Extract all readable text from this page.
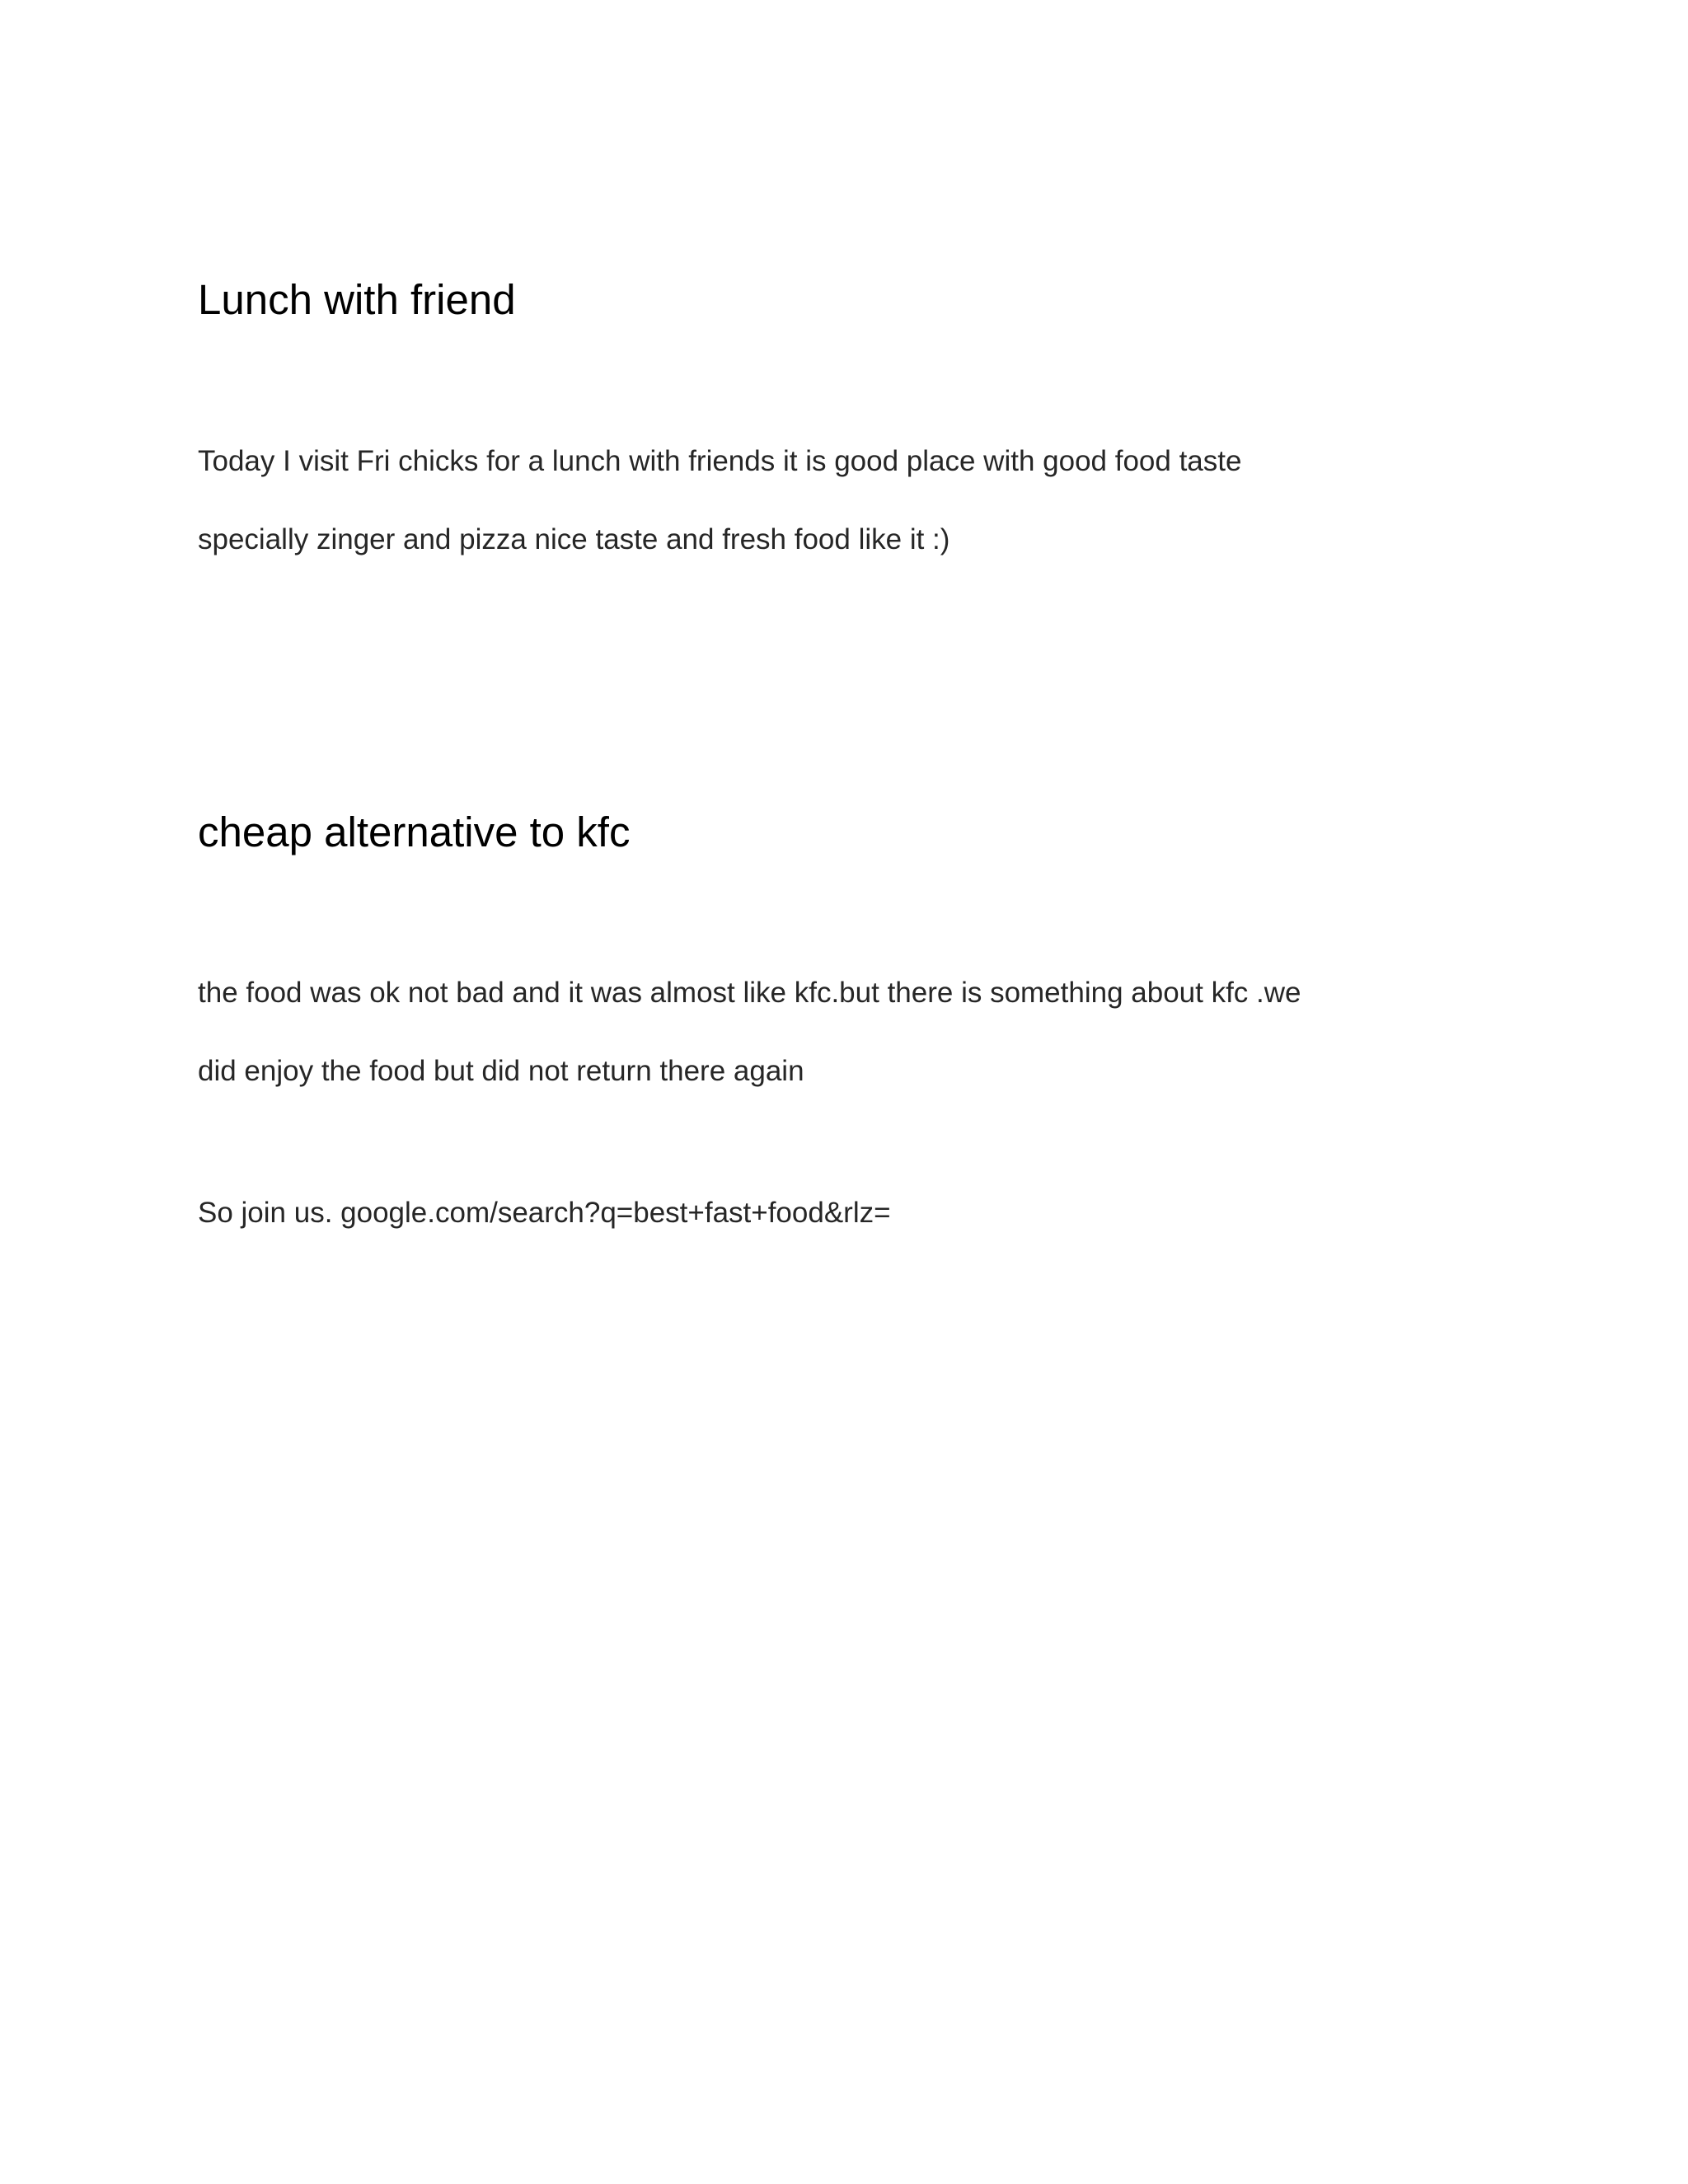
Lunch with friend

Today I visit Fri chicks for a lunch with friends it is good place with good food taste

specially zinger and pizza nice taste and fresh food like it :)

cheap alternative to kfc

the food was ok not bad and it was almost like kfc.but there is something about kfc .we

did enjoy the food but did not return there again

So join us. google.com/search?q=best+fast+food&rlz=
